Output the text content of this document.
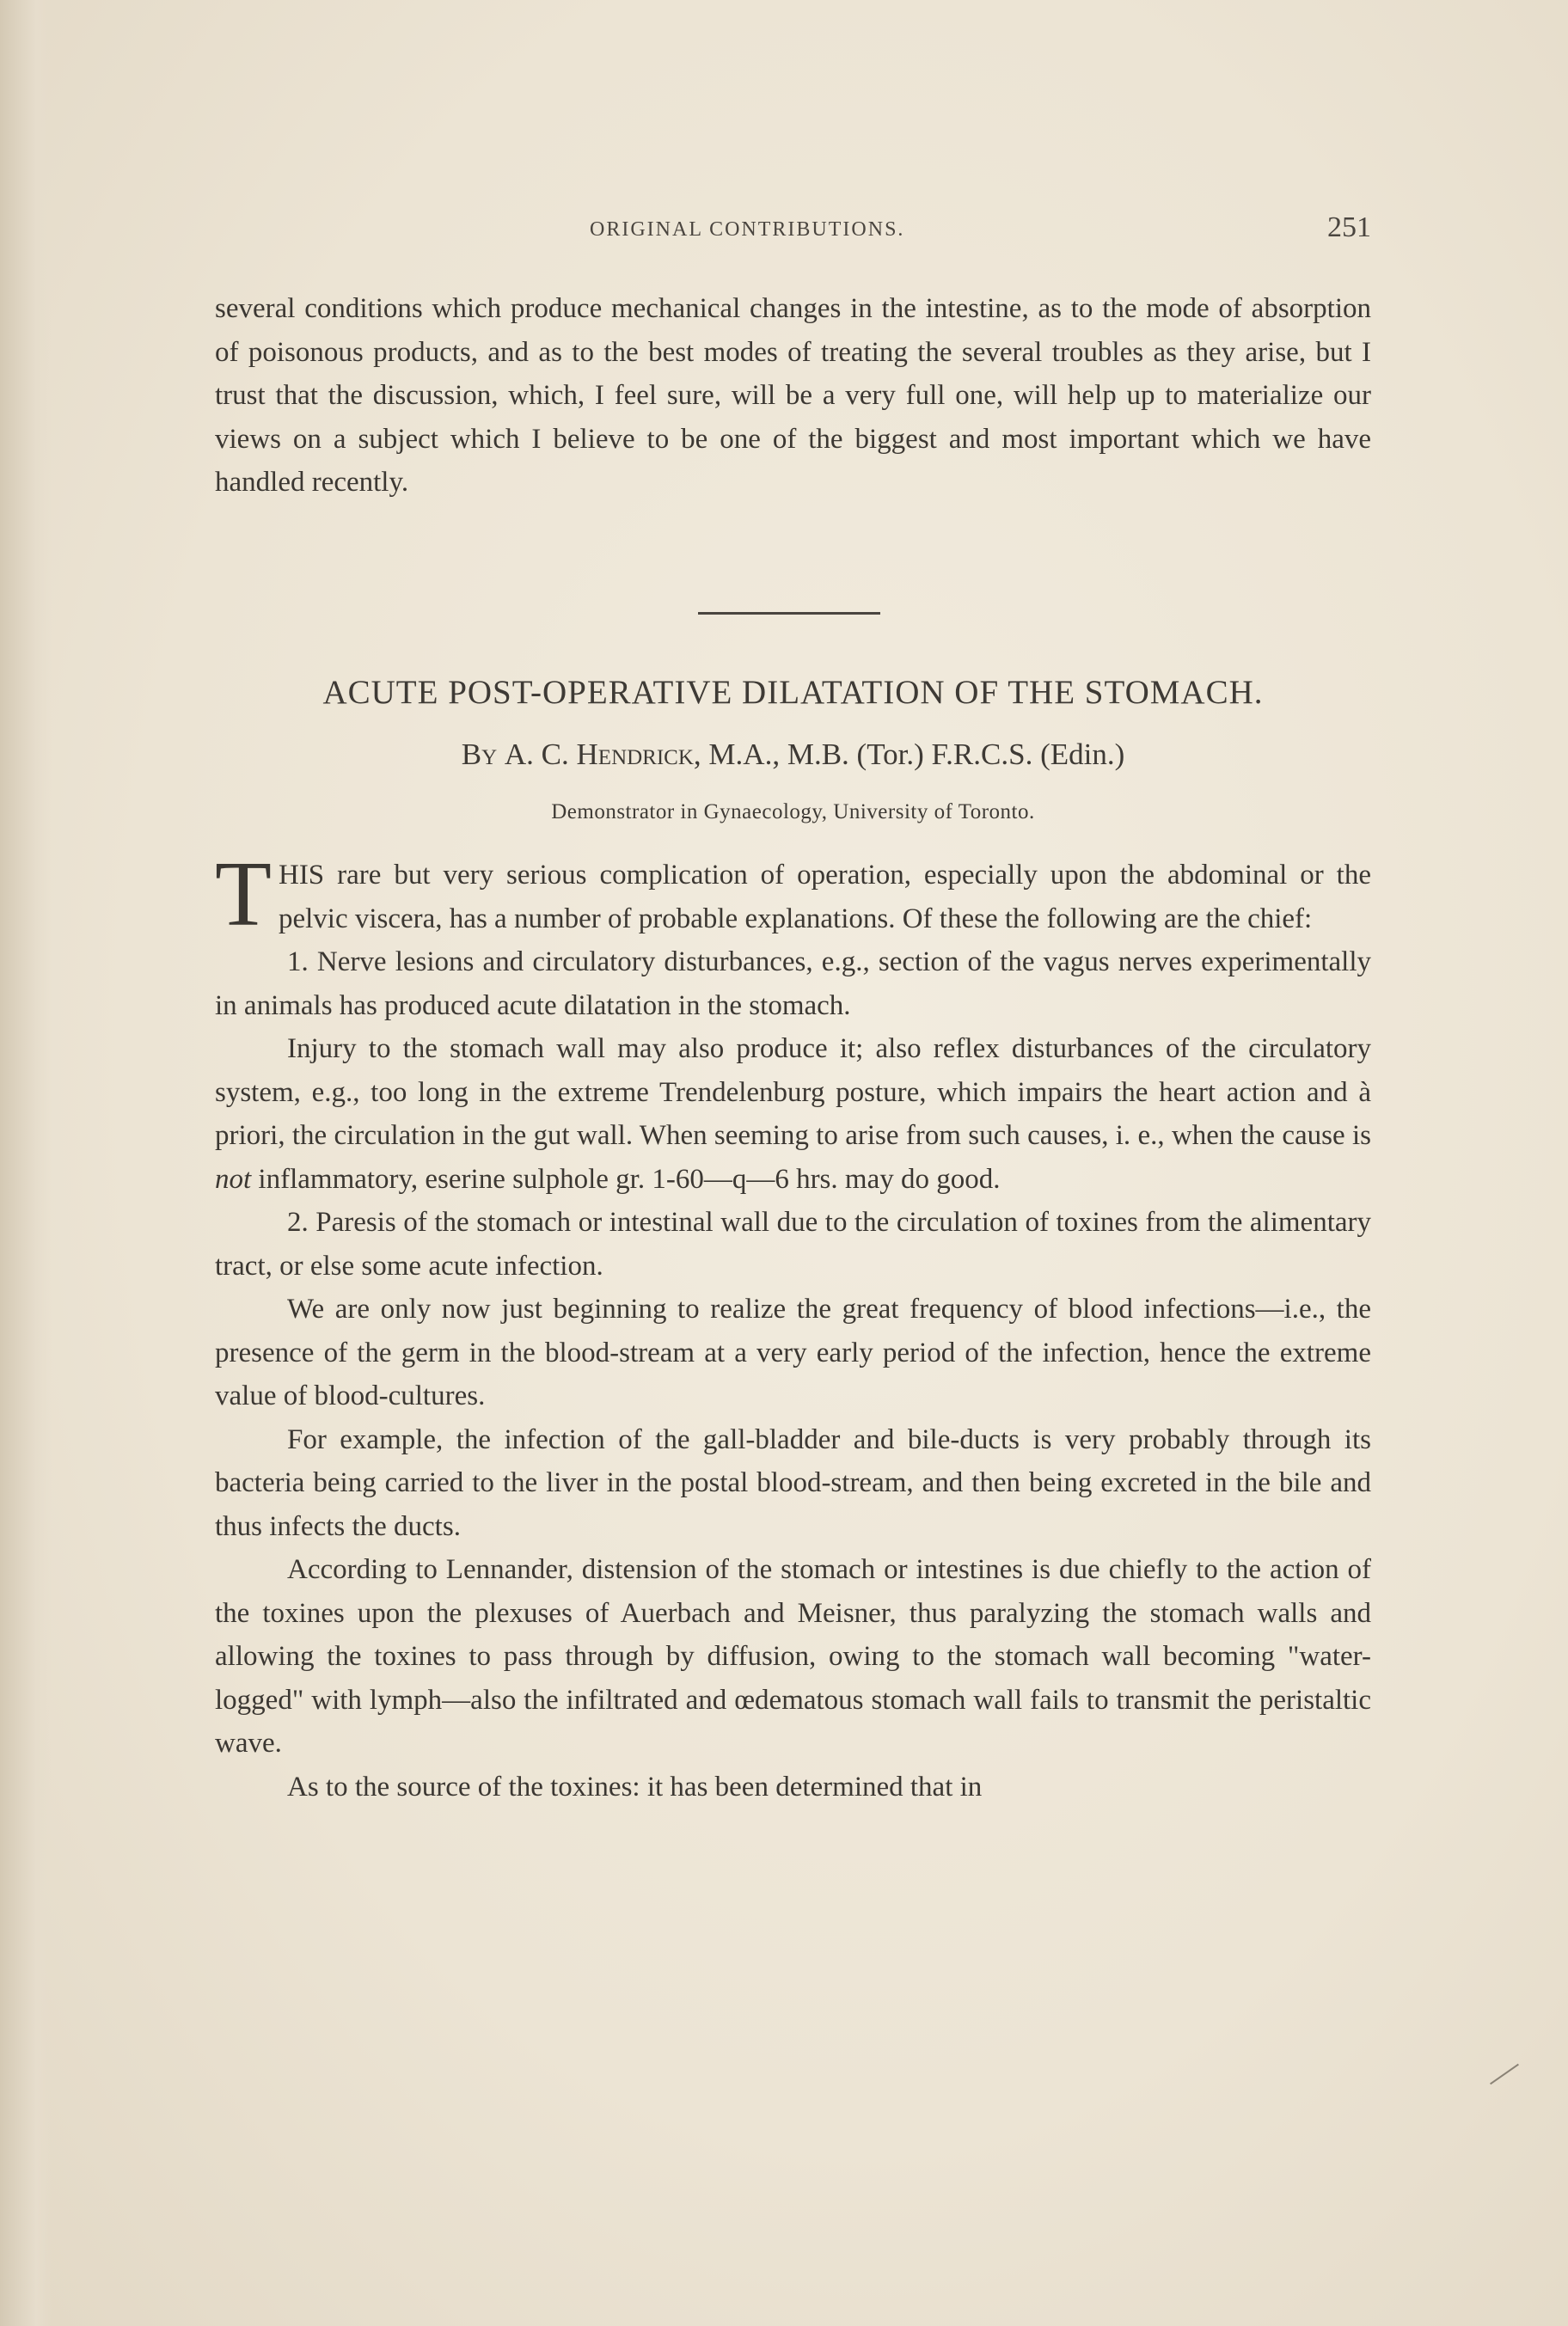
ORIGINAL CONTRIBUTIONS.	251

several conditions which produce mechanical changes in the intestine, as to the mode of absorption of poisonous products, and as to the best modes of treating the several troubles as they arise, but I trust that the discussion, which, I feel sure, will be a very full one, will help up to materialize our views on a subject which I believe to be one of the biggest and most important which we have handled recently.

ACUTE POST-OPERATIVE DILATATION OF THE STOMACH.

By A. C. Hendrick, M.A., M.B. (Tor.) F.R.C.S. (Edin.)

Demonstrator in Gynaecology, University of Toronto.

THIS rare but very serious complication of operation, especially upon the abdominal or the pelvic viscera, has a number of probable explanations. Of these the following are the chief:

1. Nerve lesions and circulatory disturbances, e.g., section of the vagus nerves experimentally in animals has produced acute dilatation in the stomach.

Injury to the stomach wall may also produce it; also reflex disturbances of the circulatory system, e.g., too long in the extreme Trendelenburg posture, which impairs the heart action and à priori, the circulation in the gut wall. When seeming to arise from such causes, i. e., when the cause is not inflammatory, eserine sulphole gr. 1-60—q—6 hrs. may do good.

2. Paresis of the stomach or intestinal wall due to the circulation of toxines from the alimentary tract, or else some acute infection.

We are only now just beginning to realize the great frequency of blood infections—i.e., the presence of the germ in the blood-stream at a very early period of the infection, hence the extreme value of blood-cultures.

For example, the infection of the gall-bladder and bile-ducts is very probably through its bacteria being carried to the liver in the postal blood-stream, and then being excreted in the bile and thus infects the ducts.

According to Lennander, distension of the stomach or intestines is due chiefly to the action of the toxines upon the plexuses of Auerbach and Meisner, thus paralyzing the stomach walls and allowing the toxines to pass through by diffusion, owing to the stomach wall becoming "water-logged" with lymph—also the infiltrated and œdematous stomach wall fails to transmit the peristaltic wave.

As to the source of the toxines: it has been determined that in
